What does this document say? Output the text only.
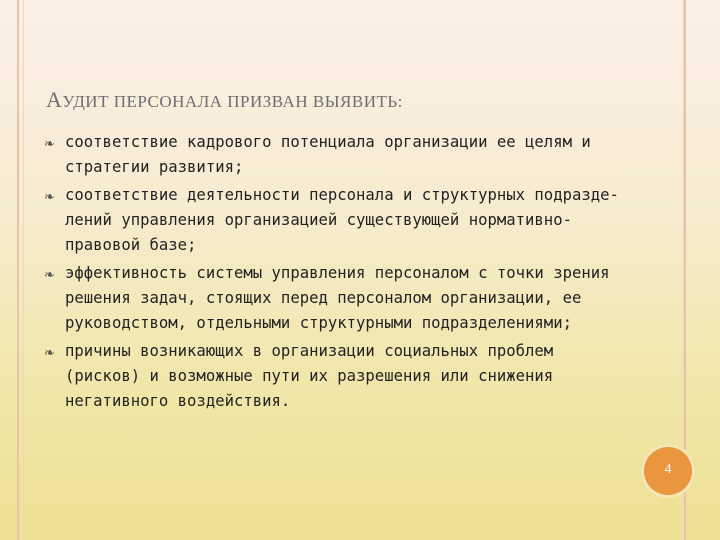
АУДИТ ПЕРСОНАЛА ПРИЗВАН ВЫЯВИТЬ:
❧ соответствие кадрового потенциала организации ее целям и стратегии развития;
❧ соответствие деятельности персонала и структурных подразде-лений управления организацией существующей нормативно-правовой базе;
❧ эффективность системы управления персоналом с точки зрения решения задач, стоящих перед персоналом организации, ее руководством, отдельными структурными подразделениями;
❧ причины возникающих в организации социальных проблем (рисков) и возможные пути их разрешения или снижения негативного воздействия.
4
